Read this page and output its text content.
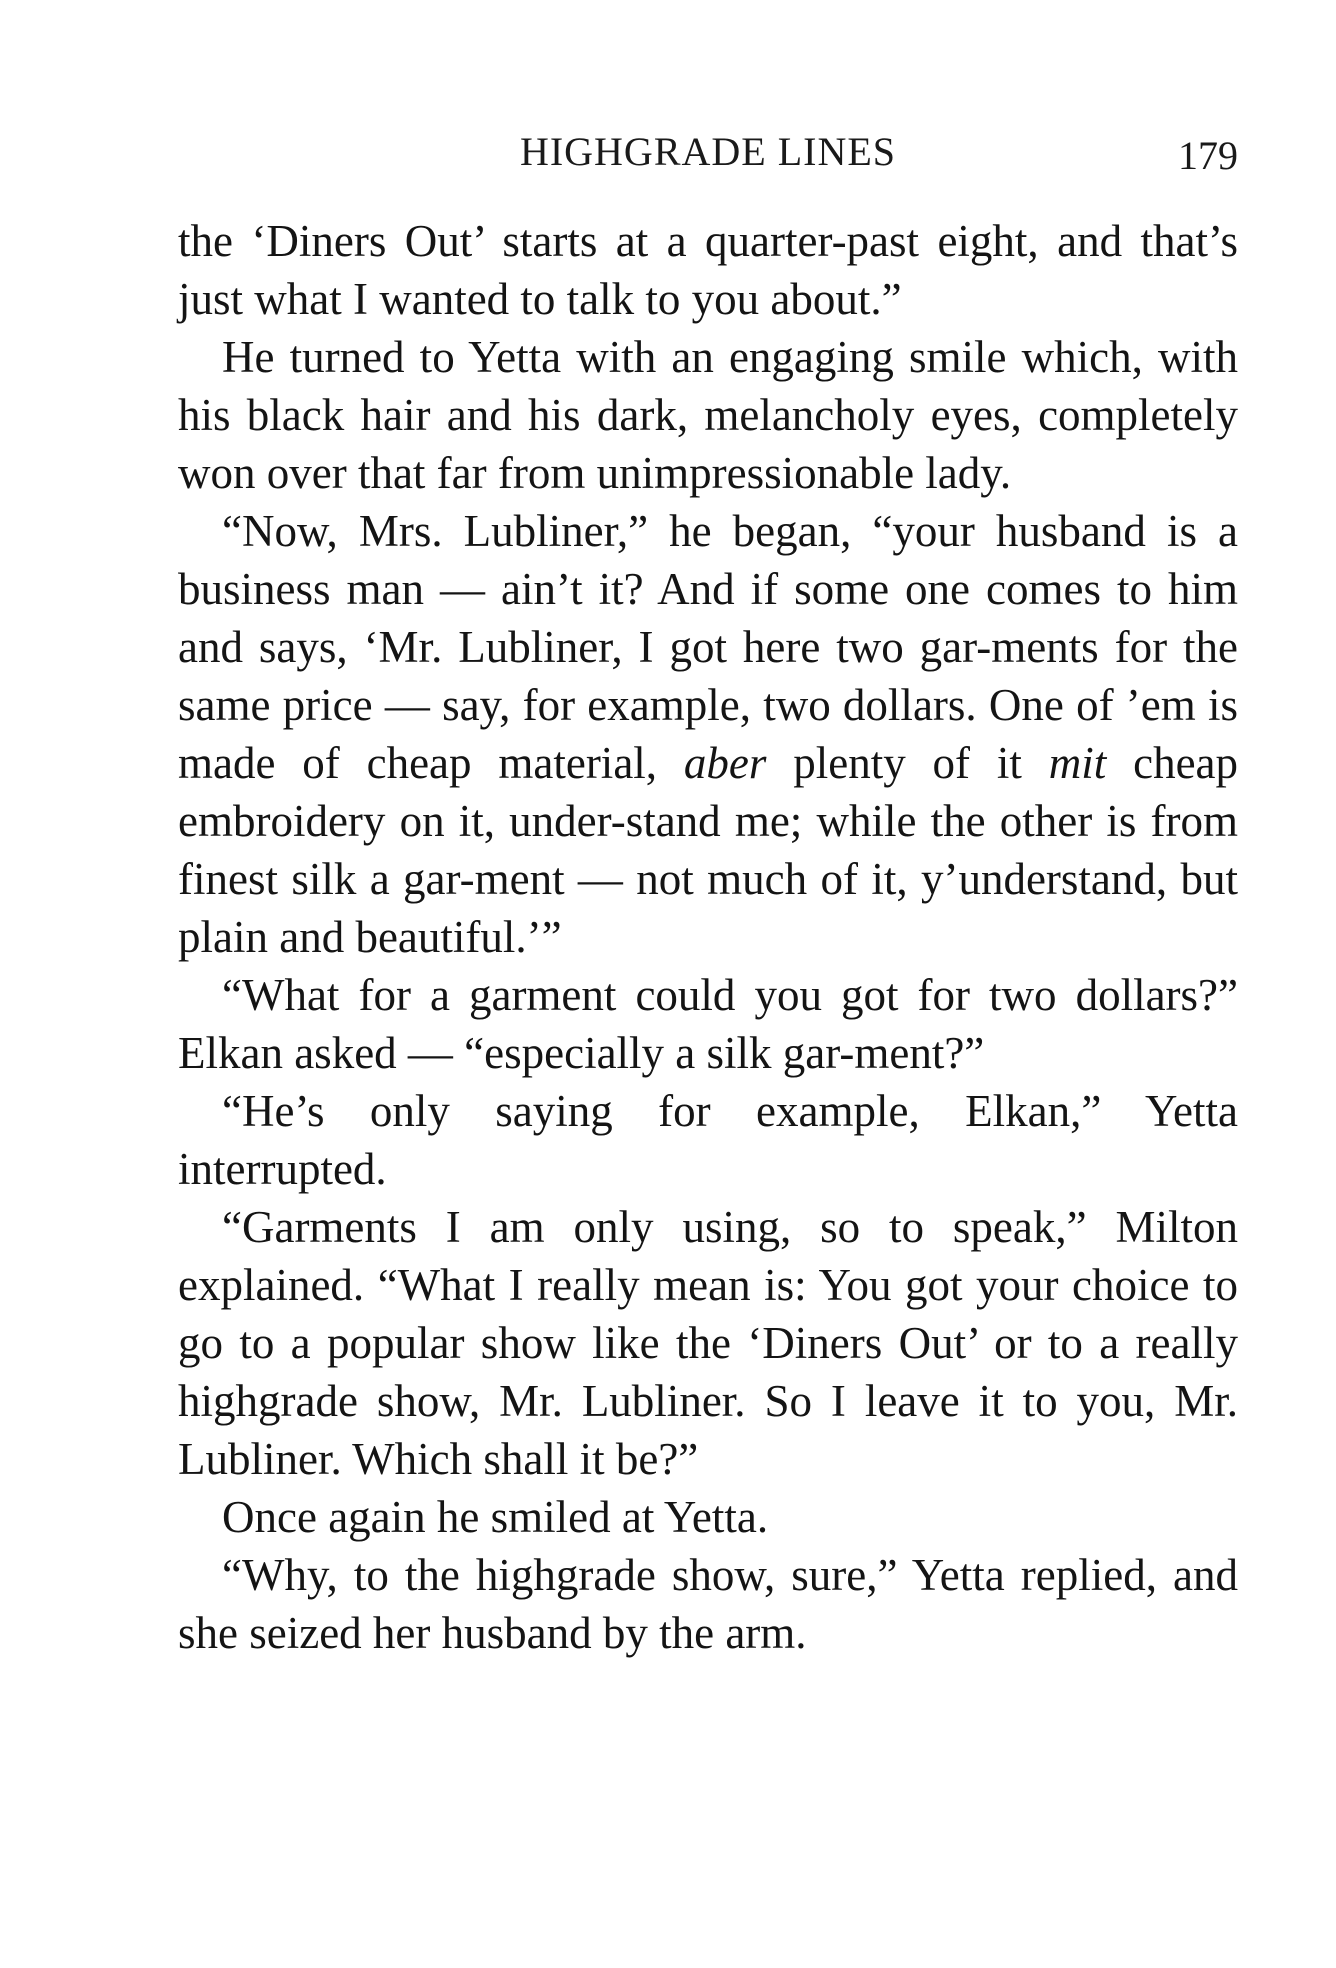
HIGHGRADE LINES	179

the ‘Diners Out’ starts at a quarter-past eight, and that’s just what I wanted to talk to you about.”

He turned to Yetta with an engaging smile which, with his black hair and his dark, melancholy eyes, completely won over that far from unimpressionable lady.

“Now, Mrs. Lubliner,” he began, “your husband is a business man — ain’t it? And if some one comes to him and says, ‘Mr. Lubliner, I got here two gar-ments for the same price — say, for example, two dollars. One of ’em is made of cheap material, aber plenty of it mit cheap embroidery on it, under-stand me; while the other is from finest silk a gar-ment — not much of it, y’understand, but plain and beautiful.’”

“What for a garment could you got for two dollars?” Elkan asked — “especially a silk gar-ment?”

“He’s only saying for example, Elkan,” Yetta interrupted.

“Garments I am only using, so to speak,” Milton explained. “What I really mean is: You got your choice to go to a popular show like the ‘Diners Out’ or to a really highgrade show, Mr. Lubliner. So I leave it to you, Mr. Lubliner. Which shall it be?”

Once again he smiled at Yetta.

“Why, to the highgrade show, sure,” Yetta replied, and she seized her husband by the arm.
